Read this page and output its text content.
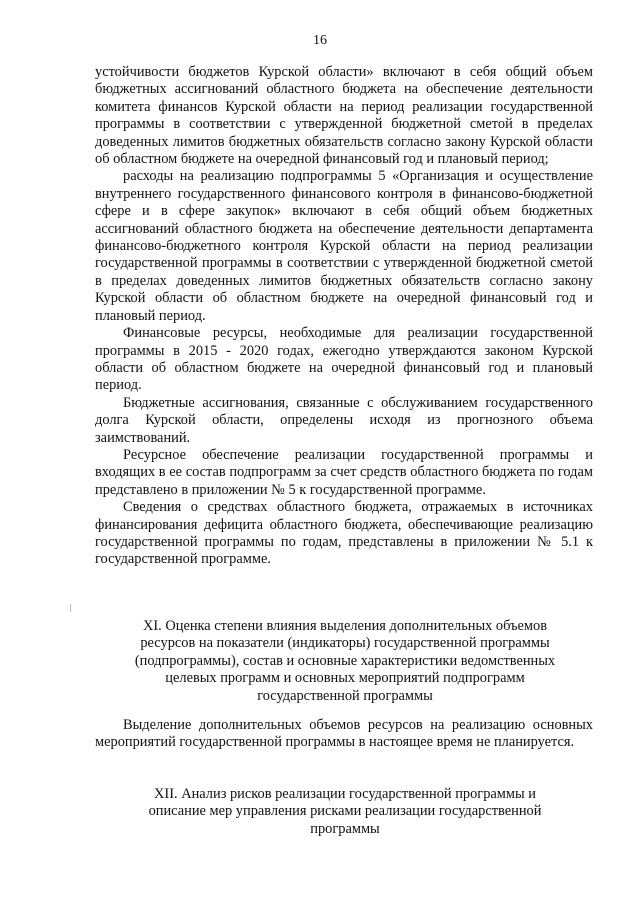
16

устойчивости бюджетов Курской области» включают в себя общий объем бюджетных ассигнований областного бюджета на обеспечение деятельности комитета финансов Курской области на период реализации государственной программы в соответствии с утвержденной бюджетной сметой в пределах доведенных лимитов бюджетных обязательств согласно закону Курской области об областном бюджете на очередной финансовый год и плановый период;

расходы на реализацию подпрограммы 5 «Организация и осуществление внутреннего государственного финансового контроля в финансово-бюджетной сфере и в сфере закупок» включают в себя общий объем бюджетных ассигнований областного бюджета на обеспечение деятельности департамента финансово-бюджетного контроля Курской области на период реализации государственной программы в соответствии с утвержденной бюджетной сметой в пределах доведенных лимитов бюджетных обязательств согласно закону Курской области об областном бюджете на очередной финансовый год и плановый период.

Финансовые ресурсы, необходимые для реализации государственной программы в 2015 - 2020 годах, ежегодно утверждаются законом Курской области об областном бюджете на очередной финансовый год и плановый период.

Бюджетные ассигнования, связанные с обслуживанием государственного долга Курской области, определены исходя из прогнозного объема заимствований.

Ресурсное обеспечение реализации государственной программы и входящих в ее состав подпрограмм за счет средств областного бюджета по годам представлено в приложении № 5 к государственной программе.

Сведения о средствах областного бюджета, отражаемых в источниках финансирования дефицита областного бюджета, обеспечивающие реализацию государственной программы по годам, представлены в приложении № 5.1 к государственной программе.

XI. Оценка степени влияния выделения дополнительных объемов ресурсов на показатели (индикаторы) государственной программы (подпрограммы), состав и основные характеристики ведомственных целевых программ и основных мероприятий подпрограмм государственной программы

Выделение дополнительных объемов ресурсов на реализацию основных мероприятий государственной программы в настоящее время не планируется.

XII. Анализ рисков реализации государственной программы и описание мер управления рисками реализации государственной программы
